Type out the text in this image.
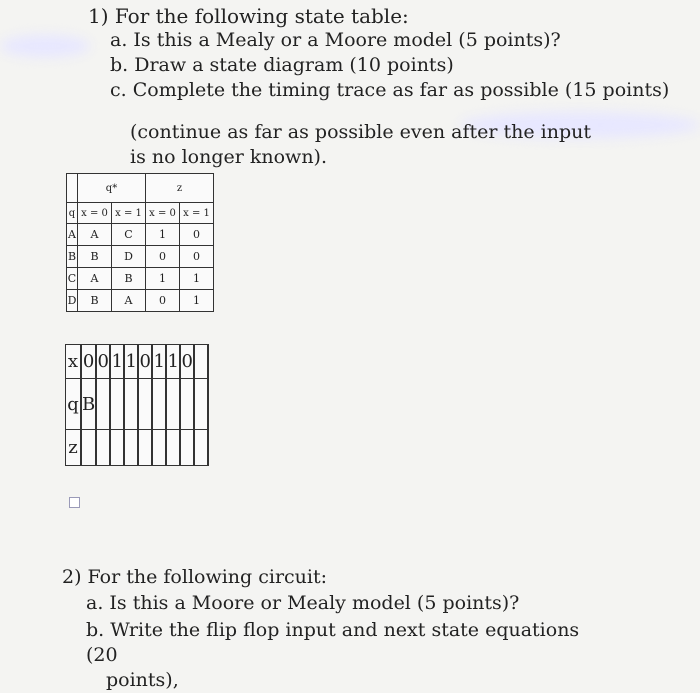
1) For the following state table:
a. Is this a Mealy or a Moore model (5 points)?
b. Draw a state diagram (10 points)
c. Complete the timing trace as far as possible (15 points)
(continue as far as possible even after the input is no longer known).
	q*		z	
q	x = 0	x = 1	x = 0	x = 1
A	A	C	1	0
B	B	D	0	0
C	A	B	1	1
D	B	A	0	1
x	0	0	1	1	0	1	1	0	
q	B								
z									
2) For the following circuit:
a. Is this a Moore or Mealy model (5 points)?
b. Write the flip flop input and next state equations (20
points),
